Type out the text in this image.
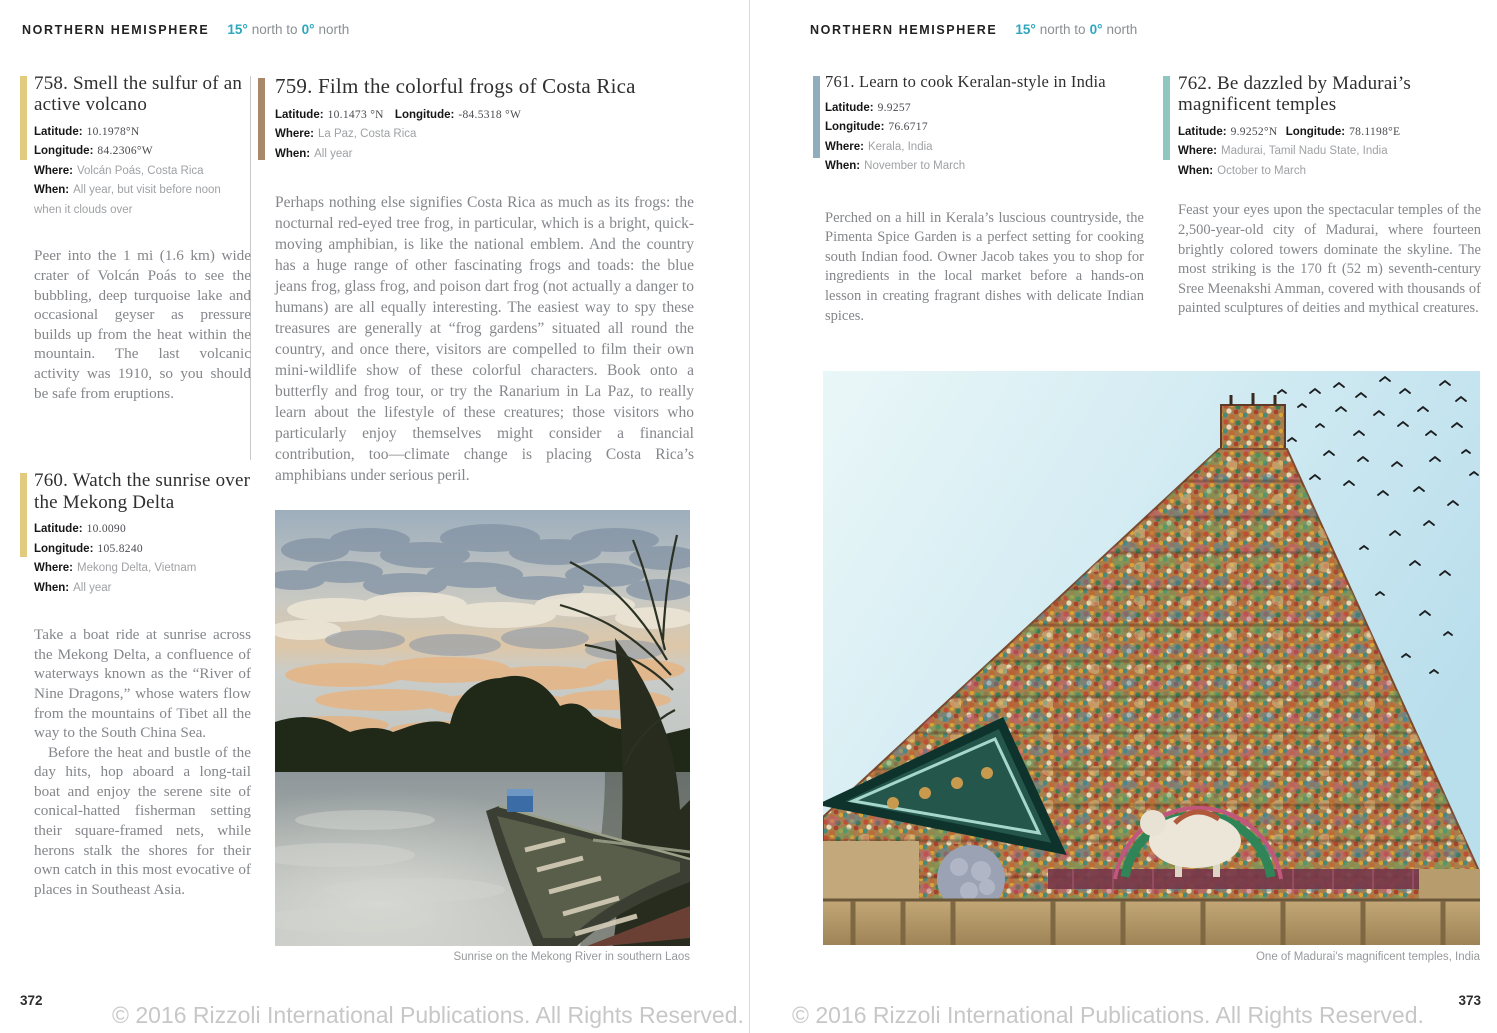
NORTHERN HEMISPHERE 15° north to 0° north	NORTHERN HEMISPHERE 15° north to 0° north
758. Smell the sulfur of an active volcano
Latitude: 10.1978°N
Longitude: 84.2306°W
Where: Volcán Poás, Costa Rica
When: All year, but visit before noon when it clouds over

Peer into the 1 mi (1.6 km) wide crater of Volcán Poás to see the bubbling, deep turquoise lake and occasional geyser as pressure builds up from the heat within the mountain. The last volcanic activity was 1910, so you should be safe from eruptions.

760. Watch the sunrise over the Mekong Delta
Latitude: 10.0090
Longitude: 105.8240
Where: Mekong Delta, Vietnam
When: All year

Take a boat ride at sunrise across the Mekong Delta, a confluence of waterways known as the “River of Nine Dragons,” whose waters flow from the mountains of Tibet all the way to the South China Sea.

Before the heat and bustle of the day hits, hop aboard a long-tail boat and enjoy the serene site of conical-hatted fisherman setting their square-framed nets, while herons stalk the shores for their own catch in this most evocative of places in Southeast Asia.

759. Film the colorful frogs of Costa Rica
Latitude: 10.1473 °N Longitude: -84.5318 °W
Where: La Paz, Costa Rica
When: All year

Perhaps nothing else signifies Costa Rica as much as its frogs: the nocturnal red-eyed tree frog, in particular, which is a bright, quick-moving amphibian, is like the national emblem. And the country has a huge range of other fascinating frogs and toads: the blue jeans frog, glass frog, and poison dart frog (not actually a danger to humans) are all equally interesting. The easiest way to spy these treasures are generally at “frog gardens” situated all round the country, and once there, visitors are compelled to film their own mini-wildlife show of these colorful characters. Book onto a butterfly and frog tour, or try the Ranarium in La Paz, to really learn about the lifestyle of these creatures; those visitors who particularly enjoy themselves might consider a financial contribution, too—climate change is placing Costa Rica’s amphibians under serious peril.

761. Learn to cook Keralan-style in India
Latitude: 9.9257
Longitude: 76.6717
Where: Kerala, India
When: November to March

Perched on a hill in Kerala’s luscious countryside, the Pimenta Spice Garden is a perfect setting for cooking south Indian food. Owner Jacob takes you to shop for ingredients in the local market before a hands-on lesson in creating fragrant dishes with delicate Indian spices.

762. Be dazzled by Madurai’s magnificent temples
Latitude: 9.9252°N Longitude: 78.1198°E
Where: Madurai, Tamil Nadu State, India
When: October to March

Feast your eyes upon the spectacular temples of the 2,500-year-old city of Madurai, where fourteen brightly colored towers dominate the skyline. The most striking is the 170 ft (52 m) seventh-century Sree Meenakshi Amman, covered with thousands of painted sculptures of deities and mythical creatures.

Sunrise on the Mekong River in southern Laos	One of Madurai's magnificent temples, India
372	373
© 2016 Rizzoli International Publications. All Rights Reserved. © 2016 Rizzoli International Publications. All Rights Reserved.
